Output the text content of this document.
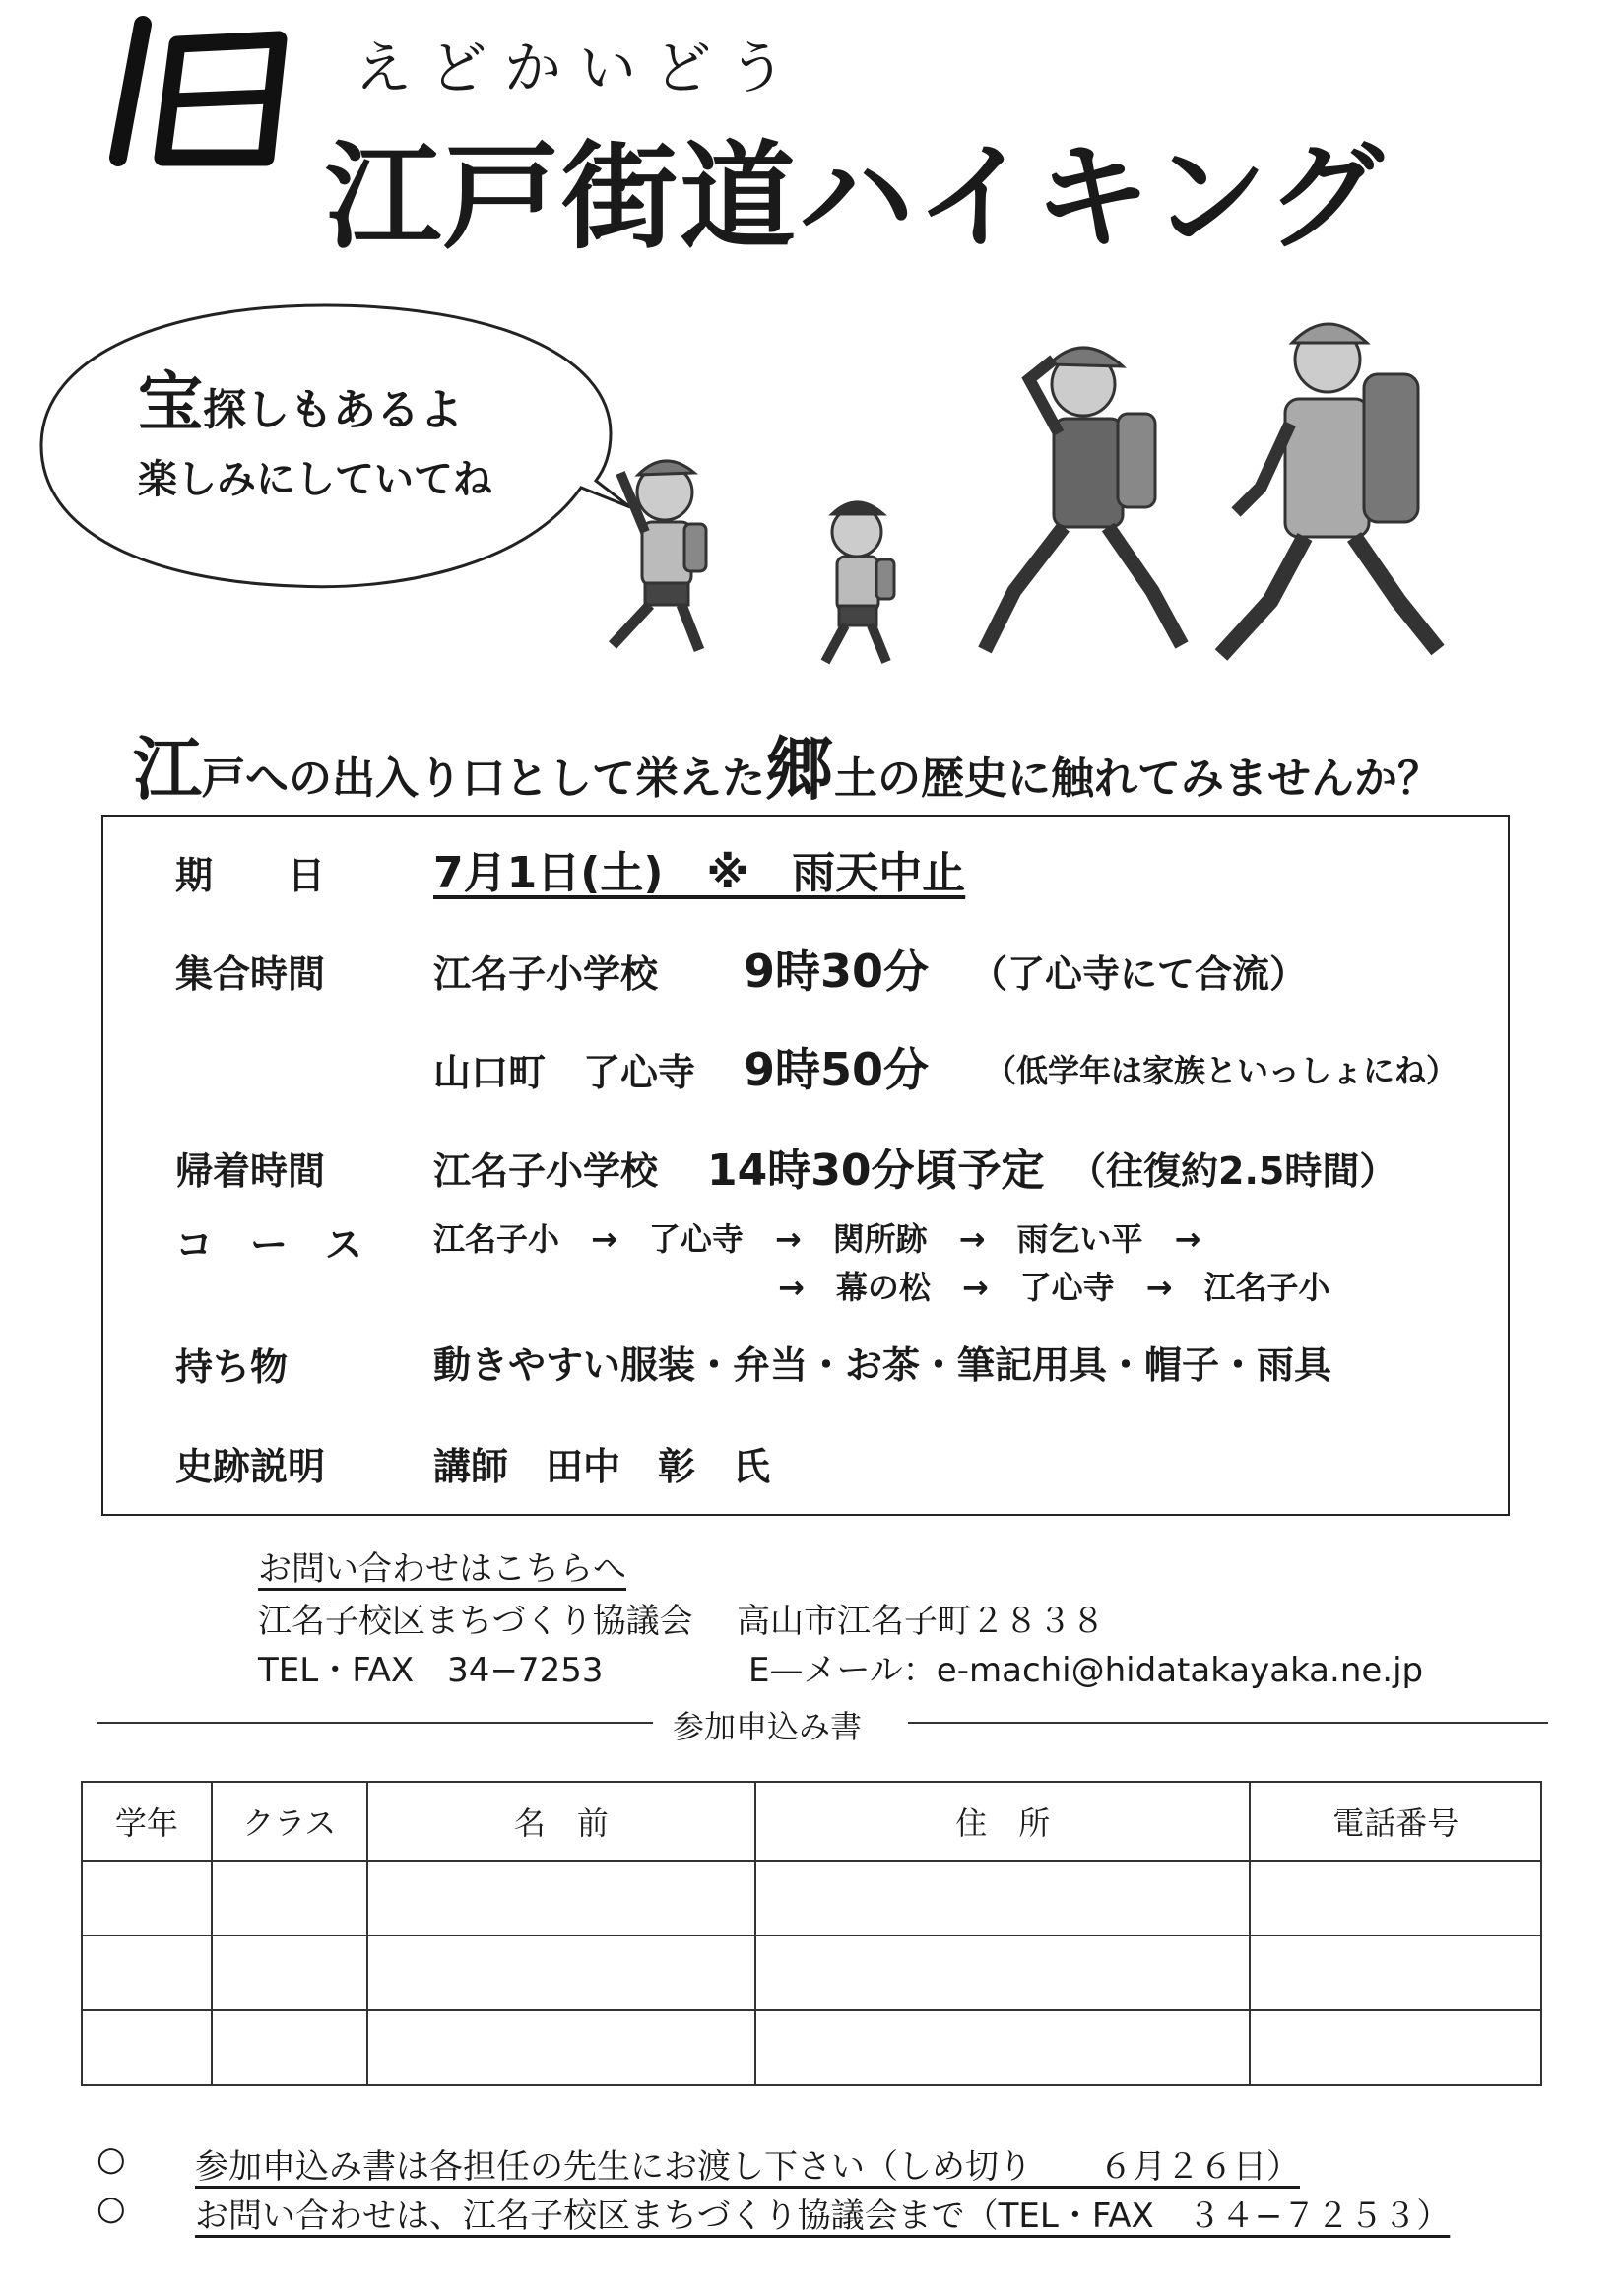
えどかいどう
江戸街道ハイキング
宝探しもあるよ
楽しみにしていてね
江戸への出入り口として栄えた郷土の歴史に触れてみませんか？
期　　日 7月1日(土)　※　雨天中止
集合時間	江名子小学校 9時30分 （了心寺にて合流）
山口町　了心寺 9時50分 （低学年は家族といっしょにね）
帰着時間	江名子小学校 14時30分頃予定 （往復約2.5時間）
コ　ー　ス 江名子小　→　了心寺　→　関所跡　→　雨乞い平　→
→　幕の松　→　了心寺　→　江名子小
持ち物	動きやすい服装・弁当・お茶・筆記用具・帽子・雨具
史跡説明	講師　田中　彰　氏
お問い合わせはこちらへ
江名子校区まちづくり協議会 高山市江名子町２８３８
TEL・FAX　34−7253	E—メール：e-machi@hidatakayaka.ne.jp
参加申込み書
学年	クラス	名　前	住　所	電話番号

○ 参加申込み書は各担任の先生にお渡し下さい（しめ切り　　６月２６日）
○ お問い合わせは、江名子校区まちづくり協議会まで（TEL・FAX　３４−７２５３）
